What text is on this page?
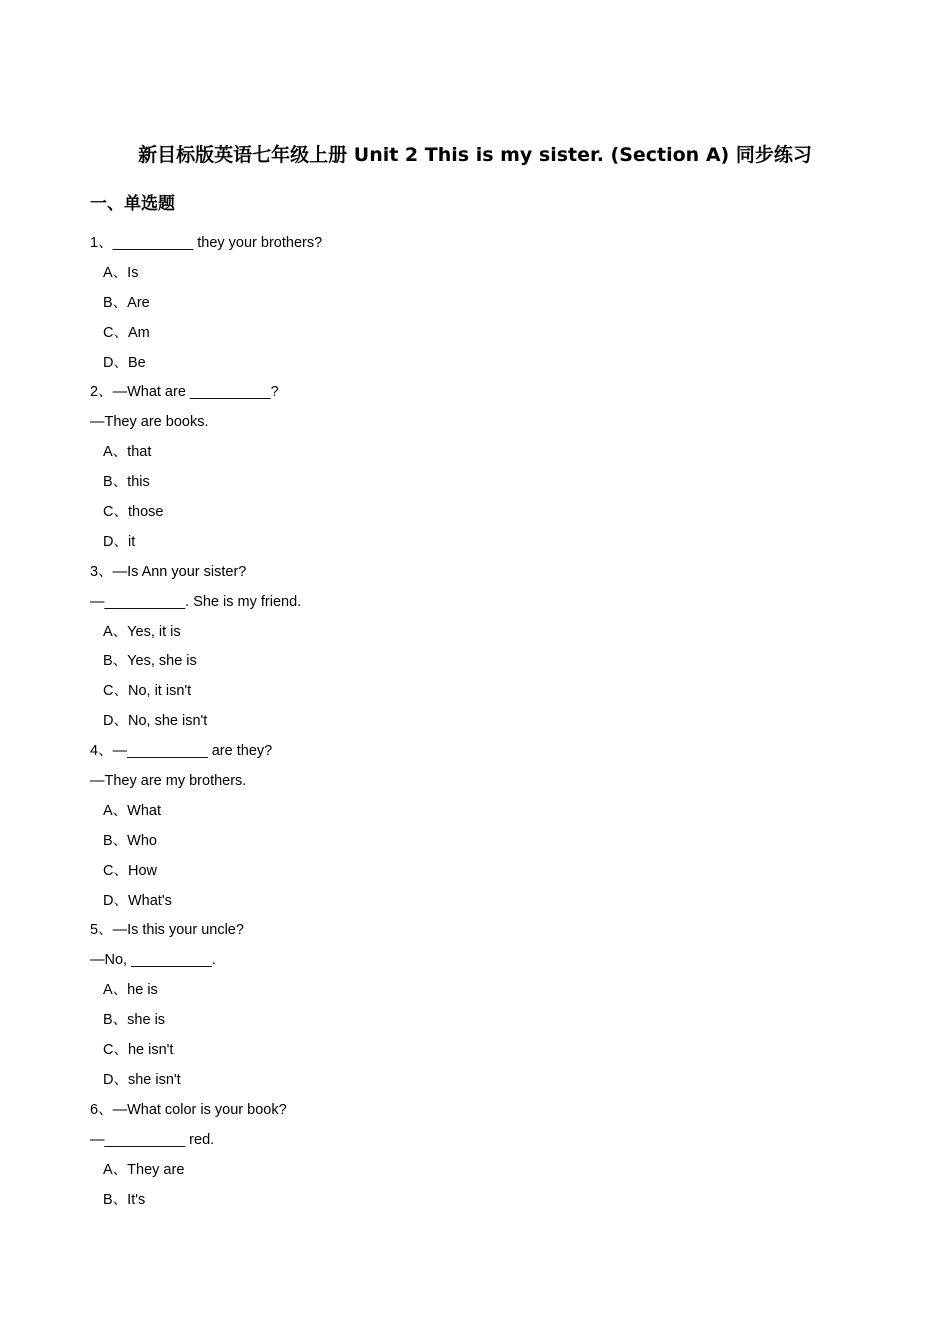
新目标版英语七年级上册 Unit 2 This is my sister. (Section A) 同步练习
一、单选题
1、__________ they your brothers?
A、Is
B、Are
C、Am
D、Be
2、—What are __________?
—They are books.
A、that
B、this
C、those
D、it
3、—Is Ann your sister?
—__________. She is my friend.
A、Yes, it is
B、Yes, she is
C、No, it isn't
D、No, she isn't
4、—__________ are they?
—They are my brothers.
A、What
B、Who
C、How
D、What's
5、—Is this your uncle?
—No, __________.
A、he is
B、she is
C、he isn't
D、she isn't
6、—What color is your book?
—__________ red.
A、They are
B、It's
